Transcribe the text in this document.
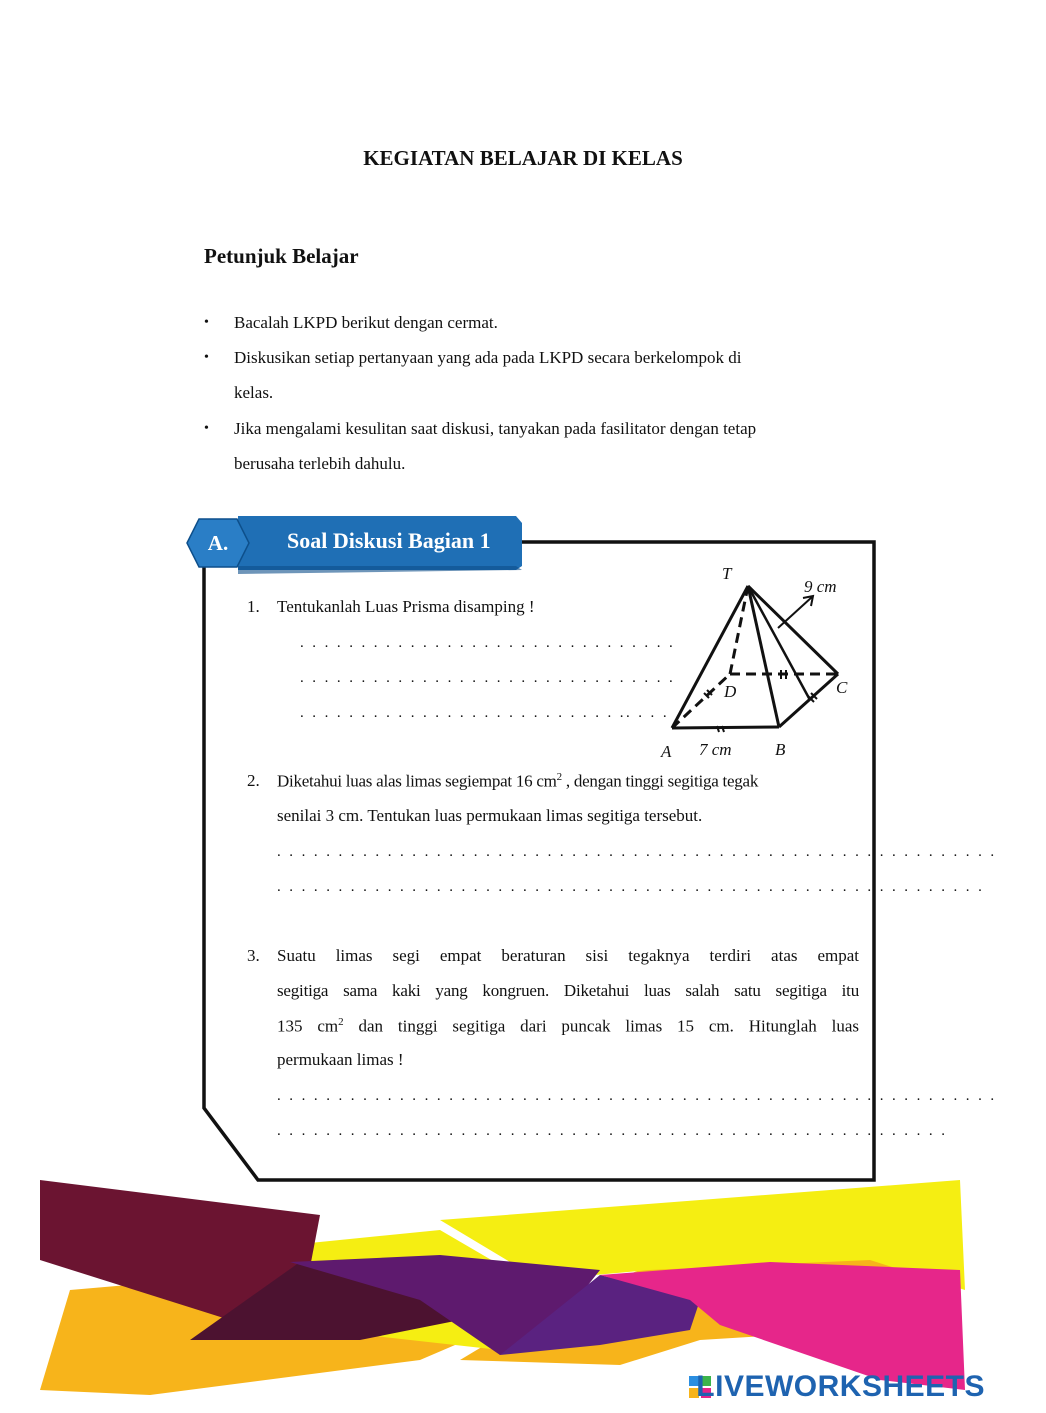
KEGIATAN BELAJAR DI KELAS
Petunjuk Belajar
• Bacalah LKPD berikut dengan cermat.
• Diskusikan setiap pertanyaan yang ada pada LKPD secara berkelompok di
kelas.
• Jika mengalami kesulitan saat diskusi, tanyakan pada fasilitator dengan tetap
berusaha terlebih dahulu.
A.	Soal Diskusi Bagian 1
T
9 cm
C
D
A 7 cm	B
1. Tentukanlah Luas Prisma disamping !
. . . . . . . . . . . . . . . . . . . . . . . . . . . . . . .
. . . . . . . . . . . . . . . . . . . . . . . . . . . . . . .
. . . . . . . . . . . . . . . . . . . . . . . . . . .. . . .
2. Diketahui luas alas limas segiempat 16 $cm^2$ , dengan tinggi segitiga tegak
senilai 3 cm. Tentukan luas permukaan limas segitiga tersebut.
. . . . . . . . . . . . . . . . . . . . . . . . . . . . . . . . . . . . . . . . . . . . . . . . . . . . . . . . . . .
. . . . . . . . . . . . . . . . . . . . . . . . . . . . . . . . . . . . . . . . . . . . . . . . . . . . . . . . . .
3. Suatu limas segi empat beraturan sisi tegaknya terdiri atas empat
segitiga sama kaki yang kongruen. Diketahui luas salah satu segitiga itu
135 $cm^2$ dan tinggi segitiga dari puncak limas 15 cm. Hitunglah luas
permukaan limas !
. . . . . . . . . . . . . . . . . . . . . . . . . . . . . . . . . . . . . . . . . . . . . . . . . . . . . . . . . . .
. . . . . . . . . . . . . . . . . . . . . . . . . . . . . . . . . . . . . . . . . . . . . . . . . . . . . . .
LIVEWORKSHEETS
